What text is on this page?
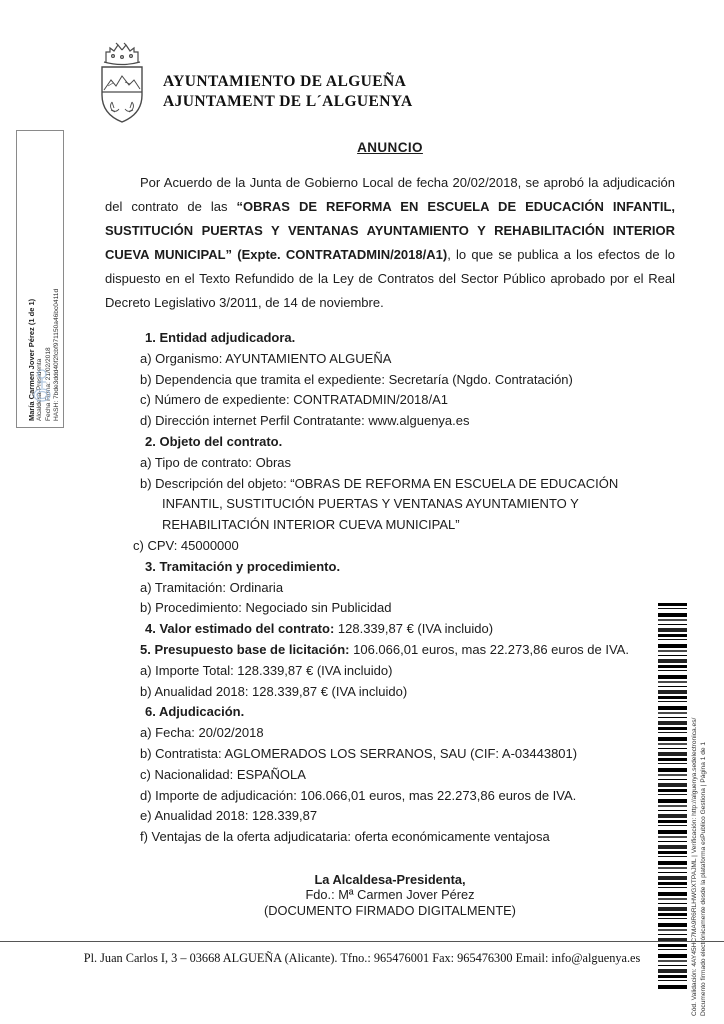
AYUNTAMIENTO DE ALGUEÑA
AJUNTAMENT DE L´ALGUENYA
María Carmen Jover Pérez (1 de 1) Alcaldesa-Presidenta Fecha Firma: 21/02/2018 HASH: 7bde3ddd40f2fcbf971150a46bc0411d
Cód. Validación: 4AY45HC7MA9R6RLHWGXTPAJML | Verificación: http://alguenya.sedelectronica.es/ Documento firmado electrónicamente desde la plataforma esPublico Gestiona | Página 1 de 1
ANUNCIO

Por Acuerdo de la Junta de Gobierno Local de fecha 20/02/2018, se aprobó la adjudicación del contrato de las “OBRAS DE REFORMA EN ESCUELA DE EDUCACIÓN INFANTIL, SUSTITUCIÓN PUERTAS Y VENTANAS AYUNTAMIENTO Y REHABILITACIÓN INTERIOR CUEVA MUNICIPAL” (Expte. CONTRATADMIN/2018/A1), lo que se publica a los efectos de lo dispuesto en el Texto Refundido de la Ley de Contratos del Sector Público aprobado por el Real Decreto Legislativo 3/2011, de 14 de noviembre.

1. Entidad adjudicadora.
a) Organismo: AYUNTAMIENTO ALGUEÑA
b) Dependencia que tramita el expediente: Secretaría (Ngdo. Contratación)
c) Número de expediente: CONTRATADMIN/2018/A1
d) Dirección internet Perfil Contratante: www.alguenya.es
2. Objeto del contrato.
a) Tipo de contrato: Obras
b) Descripción del objeto: “OBRAS DE REFORMA EN ESCUELA DE EDUCACIÓN
INFANTIL, SUSTITUCIÓN PUERTAS Y VENTANAS AYUNTAMIENTO Y
REHABILITACIÓN INTERIOR CUEVA MUNICIPAL”
c) CPV: 45000000
3. Tramitación y procedimiento.
a) Tramitación: Ordinaria
b) Procedimiento: Negociado sin Publicidad
4. Valor estimado del contrato: 128.339,87 € (IVA incluido)
5. Presupuesto base de licitación: 106.066,01 euros, mas 22.273,86 euros de IVA.
a) Importe Total: 128.339,87 € (IVA incluido)
b) Anualidad 2018: 128.339,87 € (IVA incluido)
6. Adjudicación.
a) Fecha: 20/02/2018
b) Contratista: AGLOMERADOS LOS SERRANOS, SAU (CIF: A-03443801)
c) Nacionalidad: ESPAÑOLA
d) Importe de adjudicación: 106.066,01 euros, mas 22.273,86 euros de IVA.
e) Anualidad 2018: 128.339,87
f) Ventajas de la oferta adjudicataria: oferta económicamente ventajosa
La Alcaldesa-Presidenta,
Fdo.: Mª Carmen Jover Pérez
(DOCUMENTO FIRMADO DIGITALMENTE)
Pl. Juan Carlos I, 3 – 03668 ALGUEÑA (Alicante). Tfno.: 965476001 Fax: 965476300 Email: info@alguenya.es
